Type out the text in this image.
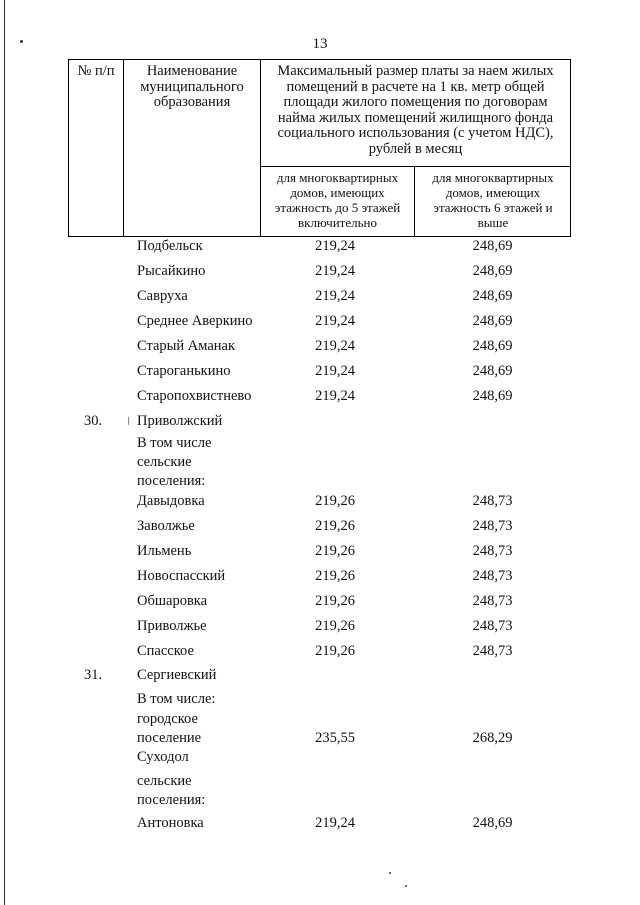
13
№ п/п	Наименование муниципального образования
Максимальный размер платы за наем жилых помещений в расчете на 1 кв. метр общей площади жилого помещения по договорам найма жилых помещений жилищного фонда социального использования (с учетом НДС), рублей в месяц
для многоквартирных домов, имеющих этажность до 5 этажей включительно
для многоквартирных домов, имеющих этажность 6 этажей и выше
Подбельск	219,24	248,69
Рысайкино	219,24	248,69
Савруха	219,24	248,69
Среднее Аверкино	219,24	248,69
Старый Аманак	219,24	248,69
Староганькино	219,24	248,69
Старопохвистнево	219,24	248,69
30.	Приволжский
В том числе
сельские
поселения:
Давыдовка	219,26	248,73
Заволжье	219,26	248,73
Ильмень	219,26	248,73
Новоспасский	219,26	248,73
Обшаровка	219,26	248,73
Приволжье	219,26	248,73
Спасское	219,26	248,73
31.	Сергиевский
В том числе:
городское
поселение	235,55	268,29
Суходол
сельские
поселения:
Антоновка	219,24	248,69
